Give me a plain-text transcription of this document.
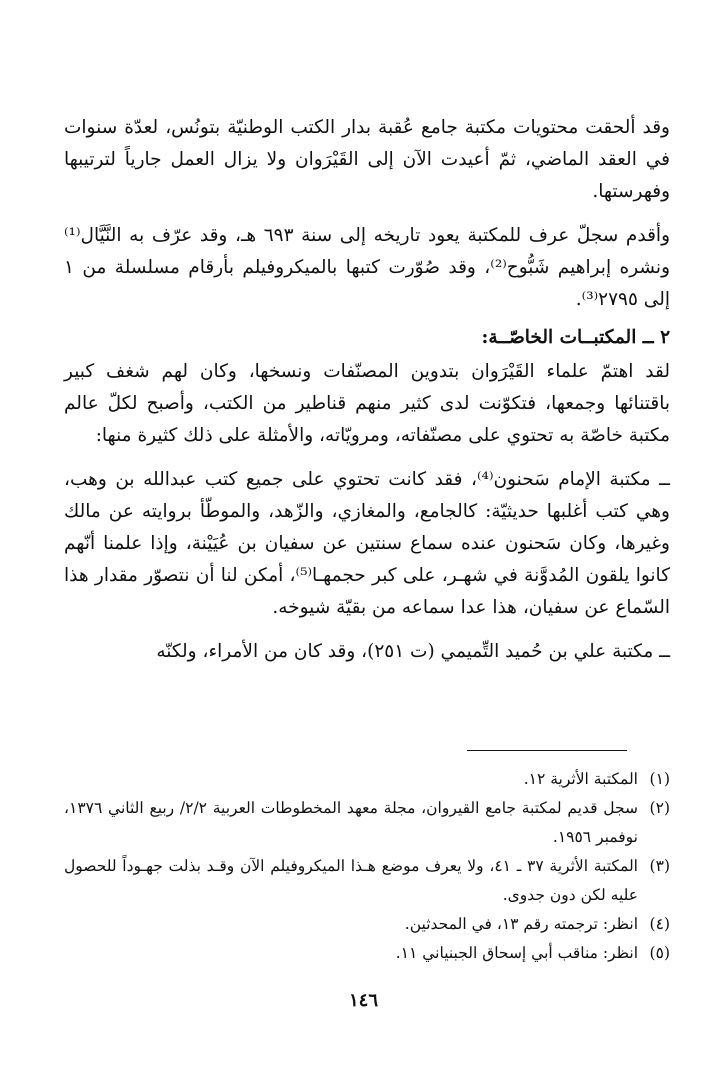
وقد ألحقت محتويات مكتبة جامع عُقبة بدار الكتب الوطنيّة بتونُس، لعدّة سنوات في العقد الماضي، ثمّ أعيدت الآن إلى القَيْرَوان ولا يزال العمل جارياً لترتيبها وفهرستها.

وأقدم سجلّ عرف للمكتبة يعود تاريخه إلى سنة ٦٩٣ هـ، وقد عرّف به النَّيَّال⁽¹⁾ ونشره إبراهيم شَبُّوح⁽²⁾، وقد صُوّرت كتبها بالميكروفيلم بأرقام مسلسلة من ١ إلى ٢٧٩٥⁽³⁾.

٢ ــ المكتبــات الخاصّــة:

لقد اهتمّ علماء القَيْرَوان بتدوين المصنّفات ونسخها، وكان لهم شغف كبير باقتنائها وجمعها، فتكوّنت لدى كثير منهم قناطير من الكتب، وأصبح لكلّ عالم مكتبة خاصّة به تحتوي على مصنّفاته، ومرويّاته، والأمثلة على ذلك كثيرة منها:

ــ مكتبة الإمام سَحنون⁽⁴⁾، فقد كانت تحتوي على جميع كتب عبدالله بن وهب، وهي كتب أغلبها حديثيّة: كالجامع، والمغازي، والزّهد، والموطّأ بروايته عن مالك وغيرها، وكان سَحنون عنده سماع سنتين عن سفيان بن عُيَيْنة، وإذا علمنا أنّهم كانوا يلقون المُدوَّنة في شهـر، على كبر حجمهـا⁽⁵⁾، أمكن لنا أن نتصوّر مقدار هذا السّماع عن سفيان، هذا عدا سماعه من بقيّة شيوخه.

ــ مكتبة علي بن حُميد التِّميمي (ت ٢٥١)، وقد كان من الأمراء، ولكنّه

(١)
المكتبة الأثرية ١٢.

(٢)
سجل قديم لمكتبة جامع القيروان، مجلة معهد المخطوطات العربية ٢/٢/ ربيع الثاني ١٣٧٦، نوفمبر ١٩٥٦.

(٣)
المكتبة الأثرية ٣٧ ـ ٤١، ولا يعرف موضع هـذا الميكروفيلم الآن وقـد بذلت جهـوداً للحصول عليه لكن دون جدوى.

(٤)
انظر: ترجمته رقم ١٣، في المحدثين.

(٥)
انظر: مناقب أبي إسحاق الجبنياني ١١.

١٤٦
